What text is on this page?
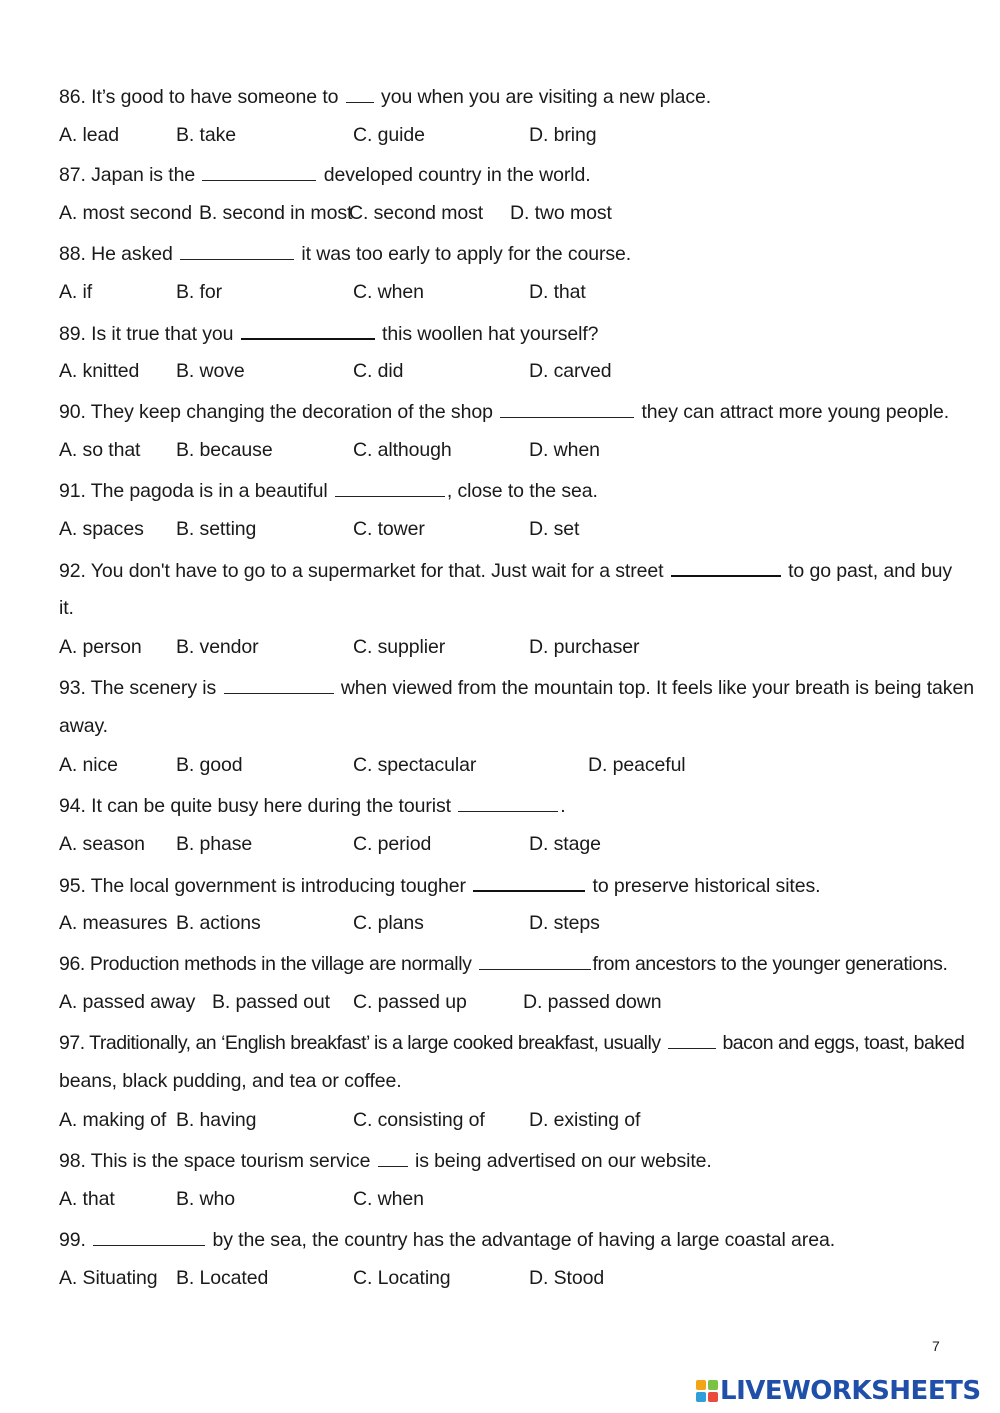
86. It’s good to have someone to you when you are visiting a new place.
A. lead	B. take	C. guide	D. bring
87. Japan is the	developed country in the world.
A. most second B. second in most
C. second most D. two most
88. He asked	it was too early to apply for the course.
A. if	B. for	C. when	D. that
89. Is it true that you	this woollen hat yourself?
A. knitted B. wove	C. did	D. carved
90. They keep changing the decoration of the shop	they can attract more young people.
A. so that B. because	C. although	D. when
91. The pagoda is in a beautiful	, close to the sea.
A. spaces B. setting	C. tower	D. set
92. You don't have to go to a supermarket for that. Just wait for a street	to go past, and buy
it.
A. person B. vendor	C. supplier	D. purchaser
93. The scenery is	when viewed from the mountain top. It feels like your breath is being taken
away.
A. nice	B. good	C. spectacular	D. peaceful
94. It can be quite busy here during the tourist	.
A. season B. phase	C. period	D. stage
95. The local government is introducing tougher	to preserve historical sites.
A. measures B. actions	C. plans	D. steps
96. Production methods in the village are normally	from ancestors to the younger generations.
A. passed away B. passed out C. passed up	D. passed down
97. Traditionally, an ‘English breakfast’ is a large cooked breakfast, usually	bacon and eggs, toast, baked
beans, black pudding, and tea or coffee.
A. making of B. having	C. consisting of D. existing of
98. This is the space tourism service is being advertised on our website.
A. that	B. who	C. when
99.	by the sea, the country has the advantage of having a large coastal area.
A. Situating B. Located	C. Locating	D. Stood
7
LIVEWORKSHEETS
